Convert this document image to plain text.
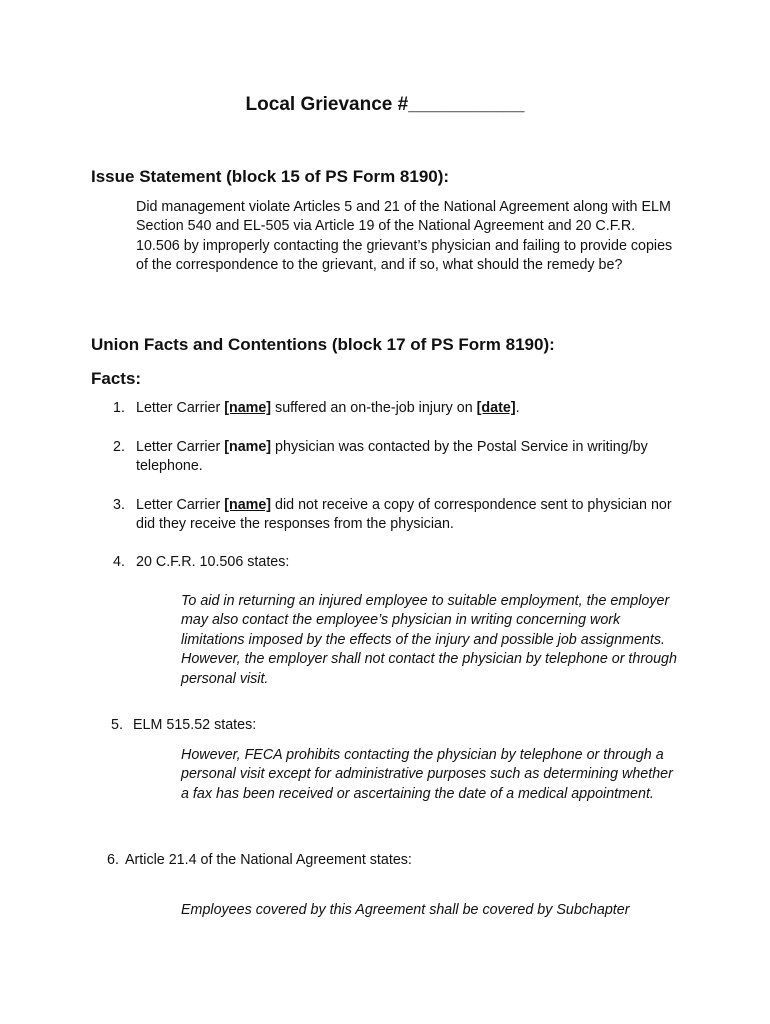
Local Grievance #___________
Issue Statement (block 15 of PS Form 8190):
Did management violate Articles 5 and 21 of the National Agreement along with ELM Section 540 and EL-505 via Article 19 of the National Agreement and 20 C.F.R. 10.506 by improperly contacting the grievant’s physician and failing to provide copies of the correspondence to the grievant, and if so, what should the remedy be?
Union Facts and Contentions (block 17 of PS Form 8190):
Facts:
1. Letter Carrier [name] suffered an on-the-job injury on [date].
2. Letter Carrier [name] physician was contacted by the Postal Service in writing/by telephone.
3. Letter Carrier [name] did not receive a copy of correspondence sent to physician nor did they receive the responses from the physician.
4. 20 C.F.R. 10.506 states:
To aid in returning an injured employee to suitable employment, the employer may also contact the employee’s physician in writing concerning work limitations imposed by the effects of the injury and possible job assignments. However, the employer shall not contact the physician by telephone or through personal visit.
5. ELM 515.52 states:
However, FECA prohibits contacting the physician by telephone or through a personal visit except for administrative purposes such as determining whether a fax has been received or ascertaining the date of a medical appointment.
6. Article 21.4 of the National Agreement states:
Employees covered by this Agreement shall be covered by Subchapter
